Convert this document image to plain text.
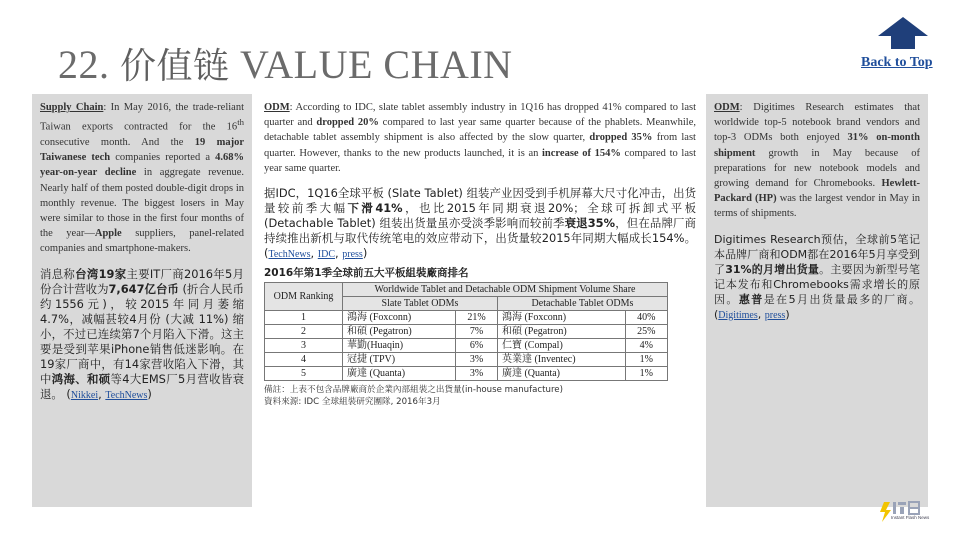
22. 价值链 VALUE CHAIN	Back to Top

Supply Chain: In May 2016, the trade-reliant Taiwan exports contracted for the 16th consecutive month. And the 19 major Taiwanese tech companies reported a 4.68% year-on-year decline in aggregate revenue. Nearly half of them posted double-digit drops in monthly revenue. The biggest losers in May were similar to those in the first four months of the year—Apple suppliers, panel-related companies and smartphone-makers.

消息称台湾19家主要IT厂商2016年5月份合计营收为7,647亿台币 (折合人民币约1556元)，较2015年同月萎缩4.7%，减幅甚较4月份 (大减 11%) 缩小，不过已连续第7个月陷入下滑。这主要是受到苹果iPhone销售低迷影响。在19家厂商中，有14家营收陷入下滑，其中鸿海、和硕等4大EMS厂5月营收皆衰退。 (Nikkei, TechNews)

ODM: According to IDC, slate tablet assembly industry in 1Q16 has dropped 41% compared to last quarter and dropped 20% compared to last year same quarter because of the phablets. Meanwhile, detachable tablet assembly shipment is also affected by the slow quarter, dropped 35% from last quarter. However, thanks to the new products launched, it is an increase of 154% compared to last year same quarter.

据IDC，1Q16全球平板 (Slate Tablet) 组装产业因受到手机屏幕大尺寸化冲击，出货量较前季大幅下滑41%，也比2015年同期衰退20%；全球可拆卸式平板 (Detachable Tablet) 组装出货量虽亦受淡季影响而较前季衰退35%，但在品牌厂商持续推出新机与取代传统笔电的效应带动下，出货量较2015年同期大幅成长154%。 (TechNews, IDC, press)

2016年第1季全球前五大平板組裝廠商排名
ODM Ranking	Worldwide Tablet and Detachable ODM Shipment Volume Share			
	Slate Tablet ODMs		Detachable Tablet ODMs	
1	鴻海 (Foxconn)	21%	鴻海 (Foxconn)	40%
2	和碩 (Pegatron)	7%	和碩 (Pegatron)	25%
3	華勤(Huaqin)	6%	仁寶 (Compal)	4%
4	冠捷 (TPV)	3%	英業達 (Inventec)	1%
5	廣達 (Quanta)	3%	廣達 (Quanta)	1%
備註：上表不包含品牌廠商於企業內部組裝之出貨量(in-house manufacture)
資料來源: IDC 全球組裝研究團隊, 2016年3月

ODM: Digitimes Research estimates that worldwide top-5 notebook brand vendors and top-3 ODMs both enjoyed 31% on-month shipment growth in May because of preparations for new notebook models and growing demand for Chromebooks. Hewlett-Packard (HP) was the largest vendor in May in terms of shipments.

Digitimes Research预估，全球前5笔记本品牌厂商和ODM都在2016年5月享受到了31%的月增出货量。主要因为新型号笔记本发布和Chromebooks需求增长的原因。惠普是在5月出货量最多的厂商。 (Digitimes, press)

Instant Flash News
